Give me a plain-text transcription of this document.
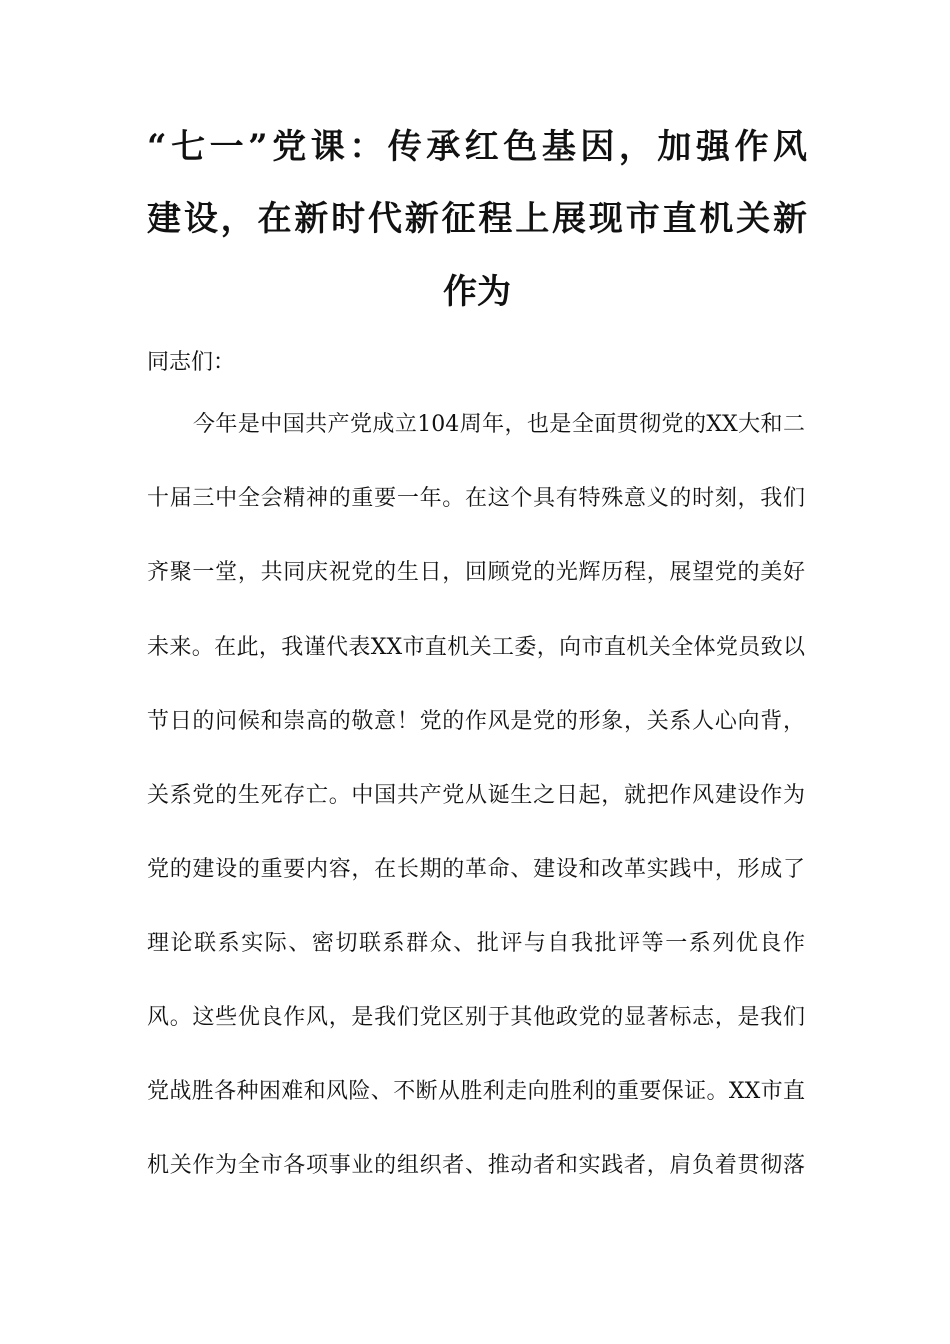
“七一”党课：传承红色基因，加强作风
建设，在新时代新征程上展现市直机关新
作为
同志们：
今年是中国共产党成立104周年，也是全面贯彻党的XX大和二
十届三中全会精神的重要一年。在这个具有特殊意义的时刻，我们
齐聚一堂，共同庆祝党的生日，回顾党的光辉历程，展望党的美好
未来。在此，我谨代表XX市直机关工委，向市直机关全体党员致以
节日的问候和崇高的敬意！党的作风是党的形象，关系人心向背，
关系党的生死存亡。中国共产党从诞生之日起，就把作风建设作为
党的建设的重要内容，在长期的革命、建设和改革实践中，形成了
理论联系实际、密切联系群众、批评与自我批评等一系列优良作
风。这些优良作风，是我们党区别于其他政党的显著标志，是我们
党战胜各种困难和风险、不断从胜利走向胜利的重要保证。XX市直
机关作为全市各项事业的组织者、推动者和实践者，肩负着贯彻落
